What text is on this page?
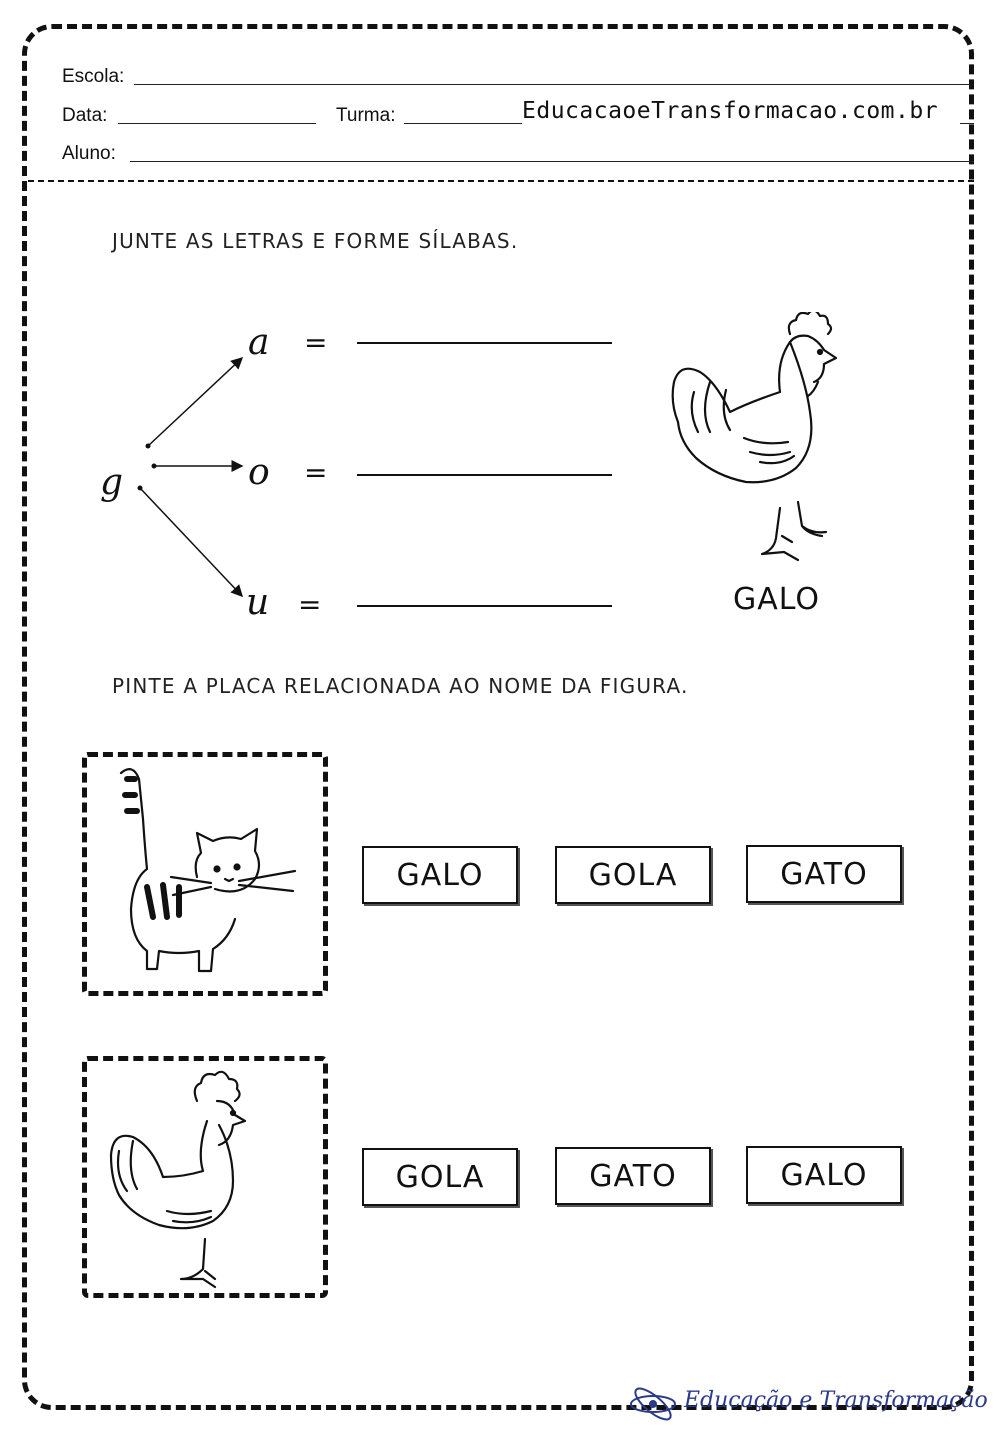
Escola:
Data:	Turma:	EducacaoeTransformacao.com.br
Aluno:
JUNTE AS LETRAS E FORME SÍLABAS.
g
a =
o =
u =	GALO
PINTE A PLACA RELACIONADA AO NOME DA FIGURA.
GALO	GOLA	GATO
GOLA	GATO	GALO
Educação e Transformação
